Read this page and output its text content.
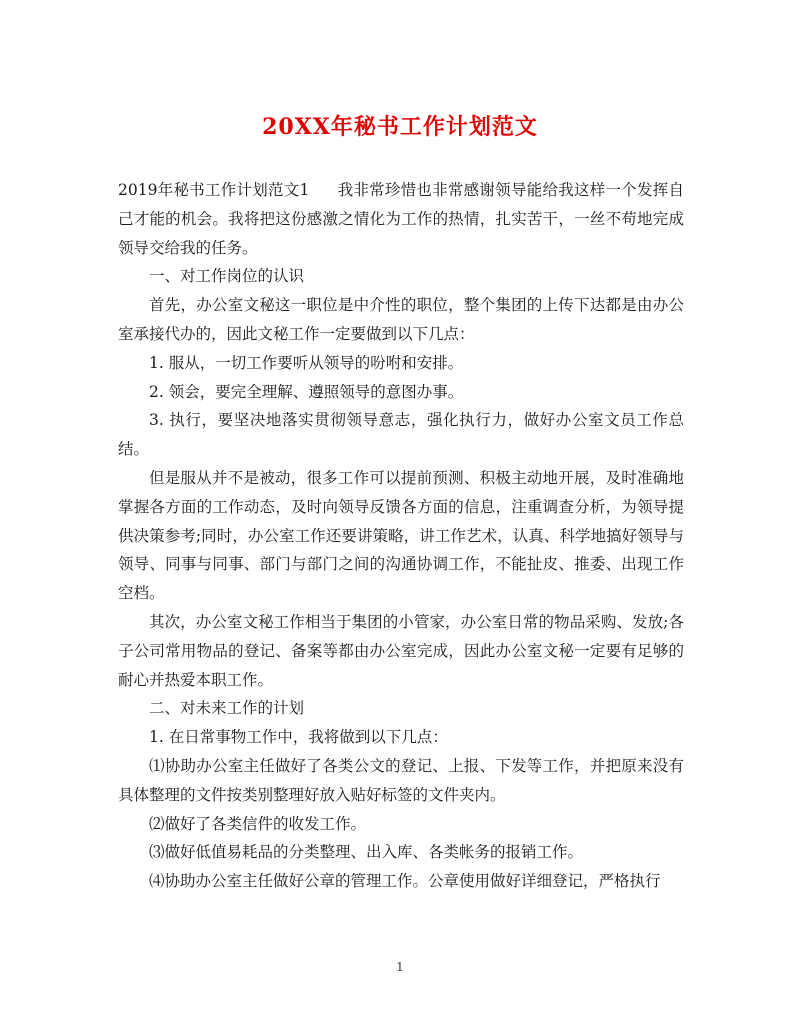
20XX年秘书工作计划范文

2019年秘书工作计划范文1 我非常珍惜也非常感谢领导能给我这样一个发挥自己才能的机会。我将把这份感激之情化为工作的热情，扎实苦干，一丝不苟地完成领导交给我的任务。

一、对工作岗位的认识

首先，办公室文秘这一职位是中介性的职位，整个集团的上传下达都是由办公室承接代办的，因此文秘工作一定要做到以下几点：

1. 服从，一切工作要听从领导的吩咐和安排。

2. 领会，要完全理解、遵照领导的意图办事。

3. 执行，要坚决地落实贯彻领导意志，强化执行力，做好办公室文员工作总结。

但是服从并不是被动，很多工作可以提前预测、积极主动地开展，及时准确地掌握各方面的工作动态，及时向领导反馈各方面的信息，注重调查分析，为领导提供决策参考;同时，办公室工作还要讲策略，讲工作艺术，认真、科学地搞好领导与领导、同事与同事、部门与部门之间的沟通协调工作，不能扯皮、推委、出现工作空档。

其次，办公室文秘工作相当于集团的小管家，办公室日常的物品采购、发放;各子公司常用物品的登记、备案等都由办公室完成，因此办公室文秘一定要有足够的耐心并热爱本职工作。

二、对未来工作的计划

1. 在日常事物工作中，我将做到以下几点：

⑴协助办公室主任做好了各类公文的登记、上报、下发等工作，并把原来没有具体整理的文件按类别整理好放入贴好标签的文件夹内。

⑵做好了各类信件的收发工作。

⑶做好低值易耗品的分类整理、出入库、各类帐务的报销工作。

⑷协助办公室主任做好公章的管理工作。公章使用做好详细登记，严格执行

1
